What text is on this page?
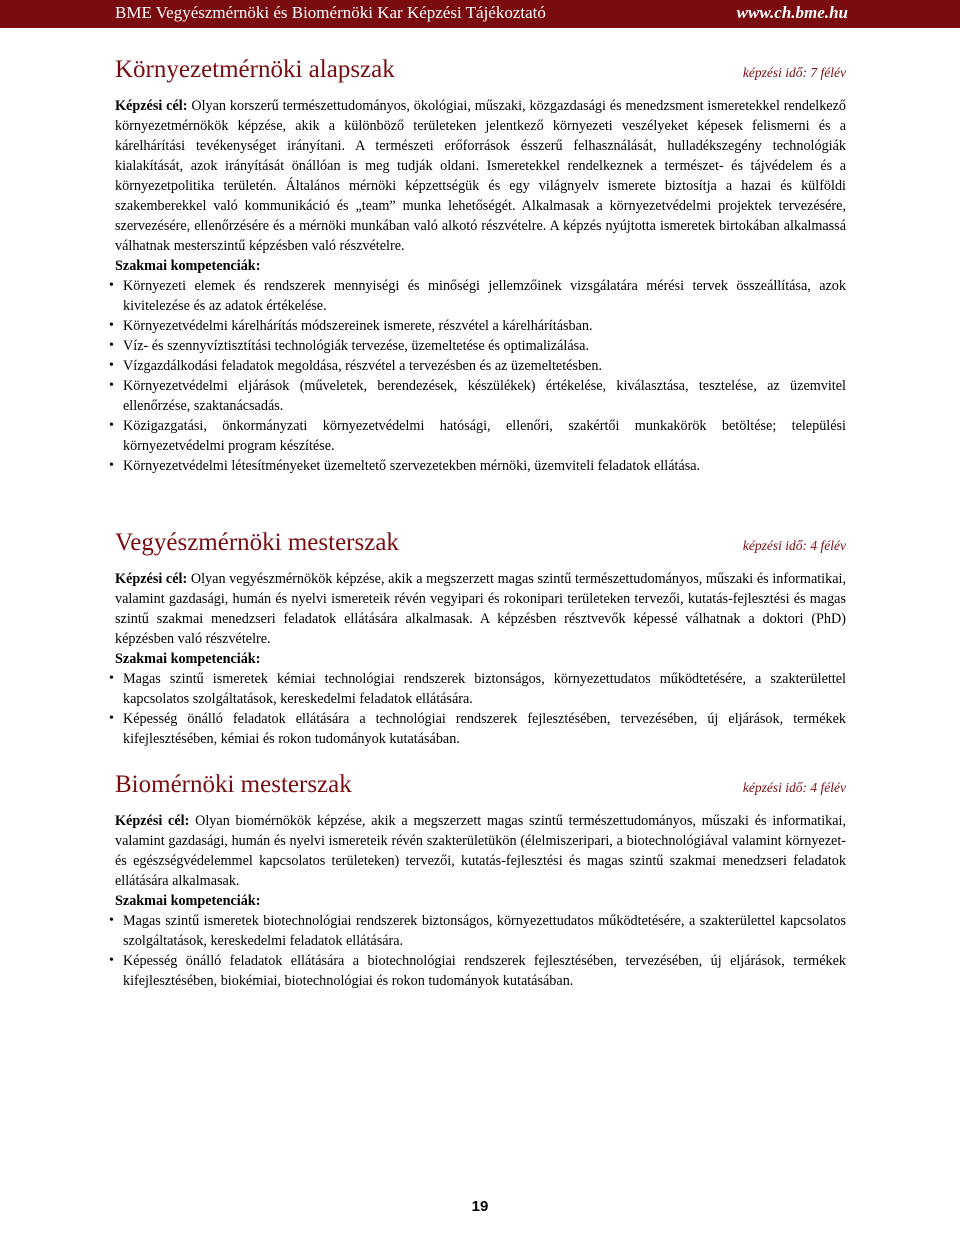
BME Vegyészmérnöki és Biomérnöki Kar Képzési Tájékoztató	www.ch.bme.hu
Környezetmérnöki alapszak	képzési idő: 7 félév

Képzési cél: Olyan korszerű természettudományos, ökológiai, műszaki, közgazdasági és menedzsment ismeretekkel rendelkező környezetmérnökök képzése, akik a különböző területeken jelentkező környezeti veszélyeket képesek felismerni és a kárelhárítási tevékenységet irányítani. A természeti erőforrások ésszerű felhasználását, hulladékszegény technológiák kialakítását, azok irányítását önállóan is meg tudják oldani. Ismeretekkel rendelkeznek a természet- és tájvédelem és a környezetpolitika területén. Általános mérnöki képzettségük és egy világnyelv ismerete biztosítja a hazai és külföldi szakemberekkel való kommunikáció és „team” munka lehetőségét. Alkalmasak a környezetvédelmi projektek tervezésére, szervezésére, ellenőrzésére és a mérnöki munkában való alkotó részvételre. A képzés nyújtotta ismeretek birtokában alkalmassá válhatnak mesterszintű képzésben való részvételre.

Szakmai kompetenciák:

• Környezeti elemek és rendszerek mennyiségi és minőségi jellemzőinek vizsgálatára mérési tervek összeállítása, azok kivitelezése és az adatok értékelése.
• Környezetvédelmi kárelhárítás módszereinek ismerete, részvétel a kárelhárításban.
• Víz- és szennyvíztisztítási technológiák tervezése, üzemeltetése és optimalizálása.
• Vízgazdálkodási feladatok megoldása, részvétel a tervezésben és az üzemeltetésben.
• Környezetvédelmi eljárások (műveletek, berendezések, készülékek) értékelése, kiválasztása, tesztelése, az üzemvitel ellenőrzése, szaktanácsadás.
• Közigazgatási, önkormányzati környezetvédelmi hatósági, ellenőri, szakértői munkakörök betöltése; települési környezetvédelmi program készítése.
• Környezetvédelmi létesítményeket üzemeltető szervezetekben mérnöki, üzemviteli feladatok ellátása.
Vegyészmérnöki mesterszak	képzési idő: 4 félév

Képzési cél: Olyan vegyészmérnökök képzése, akik a megszerzett magas szintű természettudományos, műszaki és informatikai, valamint gazdasági, humán és nyelvi ismereteik révén vegyipari és rokonipari területeken tervezői, kutatás-fejlesztési és magas szintű szakmai menedzseri feladatok ellátására alkalmasak. A képzésben résztvevők képessé válhatnak a doktori (PhD) képzésben való részvételre.

Szakmai kompetenciák:

• Magas szintű ismeretek kémiai technológiai rendszerek biztonságos, környezettudatos működtetésére, a szakterülettel kapcsolatos szolgáltatások, kereskedelmi feladatok ellátására.
• Képesség önálló feladatok ellátására a technológiai rendszerek fejlesztésében, tervezésében, új eljárások, termékek kifejlesztésében, kémiai és rokon tudományok kutatásában.
Biomérnöki mesterszak	képzési idő: 4 félév

Képzési cél: Olyan biomérnökök képzése, akik a megszerzett magas szintű természettudományos, műszaki és informatikai, valamint gazdasági, humán és nyelvi ismereteik révén szakterületükön (élelmiszeripari, a biotechnológiával valamint környezet- és egészségvédelemmel kapcsolatos területeken) tervezői, kutatás-fejlesztési és magas szintű szakmai menedzseri feladatok ellátására alkalmasak.

Szakmai kompetenciák:

• Magas szintű ismeretek biotechnológiai rendszerek biztonságos, környezettudatos működtetésére, a szakterülettel kapcsolatos szolgáltatások, kereskedelmi feladatok ellátására.
• Képesség önálló feladatok ellátására a biotechnológiai rendszerek fejlesztésében, tervezésében, új eljárások, termékek kifejlesztésében, biokémiai, biotechnológiai és rokon tudományok kutatásában.
19
